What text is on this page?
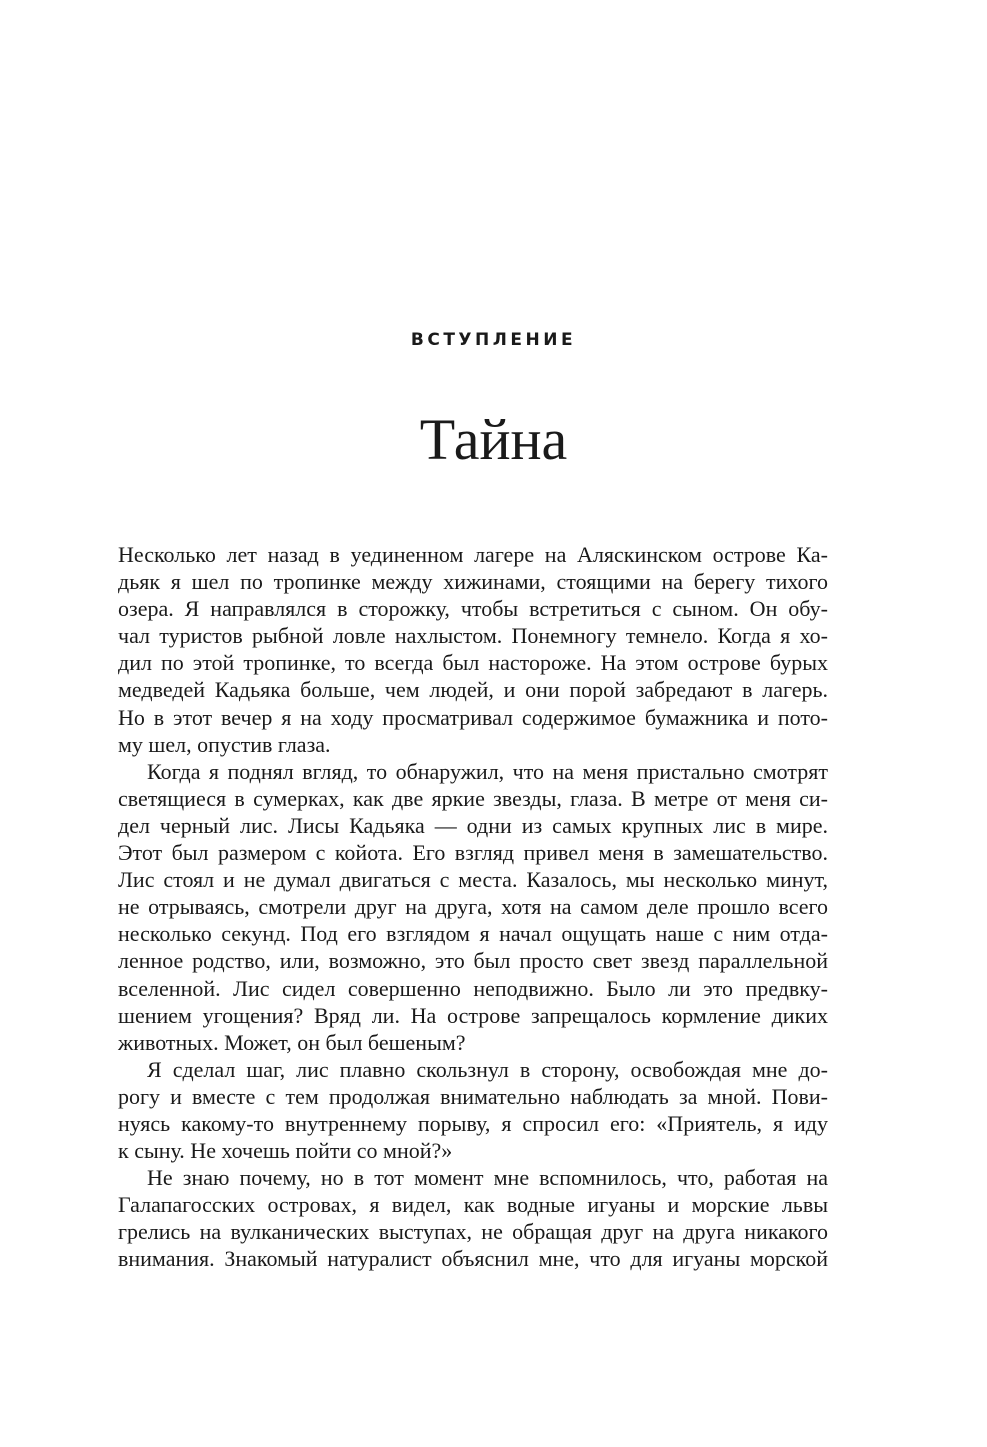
ВСТУПЛЕНИЕ
Тайна
Несколько лет назад в уединенном лагере на Аляскинском острове Ка-
дьяк я шел по тропинке между хижинами, стоящими на берегу тихого
озера. Я направлялся в сторожку, чтобы встретиться с сыном. Он обу-
чал туристов рыбной ловле нахлыстом. Понемногу темнело. Когда я хо-
дил по этой тропинке, то всегда был настороже. На этом острове бурых
медведей Кадьяка больше, чем людей, и они порой забредают в лагерь.
Но в этот вечер я на ходу просматривал содержимое бумажника и пото-
му шел, опустив глаза.
Когда я поднял вгляд, то обнаружил, что на меня пристально смотрят
светящиеся в сумерках, как две яркие звезды, глаза. В метре от меня си-
дел черный лис. Лисы Кадьяка — одни из самых крупных лис в мире.
Этот был размером с койота. Его взгляд привел меня в замешательство.
Лис стоял и не думал двигаться с места. Казалось, мы несколько минут,
не отрываясь, смотрели друг на друга, хотя на самом деле прошло всего
несколько секунд. Под его взглядом я начал ощущать наше с ним отда-
ленное родство, или, возможно, это был просто свет звезд параллельной
вселенной. Лис сидел совершенно неподвижно. Было ли это предвку-
шением угощения? Вряд ли. На острове запрещалось кормление диких
животных. Может, он был бешеным?
Я сделал шаг, лис плавно скользнул в сторону, освобождая мне до-
рогу и вместе с тем продолжая внимательно наблюдать за мной. Пови-
нуясь какому-то внутреннему порыву, я спросил его: «Приятель, я иду
к сыну. Не хочешь пойти со мной?»
Не знаю почему, но в тот момент мне вспомнилось, что, работая на
Галапагосских островах, я видел, как водные игуаны и морские львы
грелись на вулканических выступах, не обращая друг на друга никакого
внимания. Знакомый натуралист объяснил мне, что для игуаны морской
